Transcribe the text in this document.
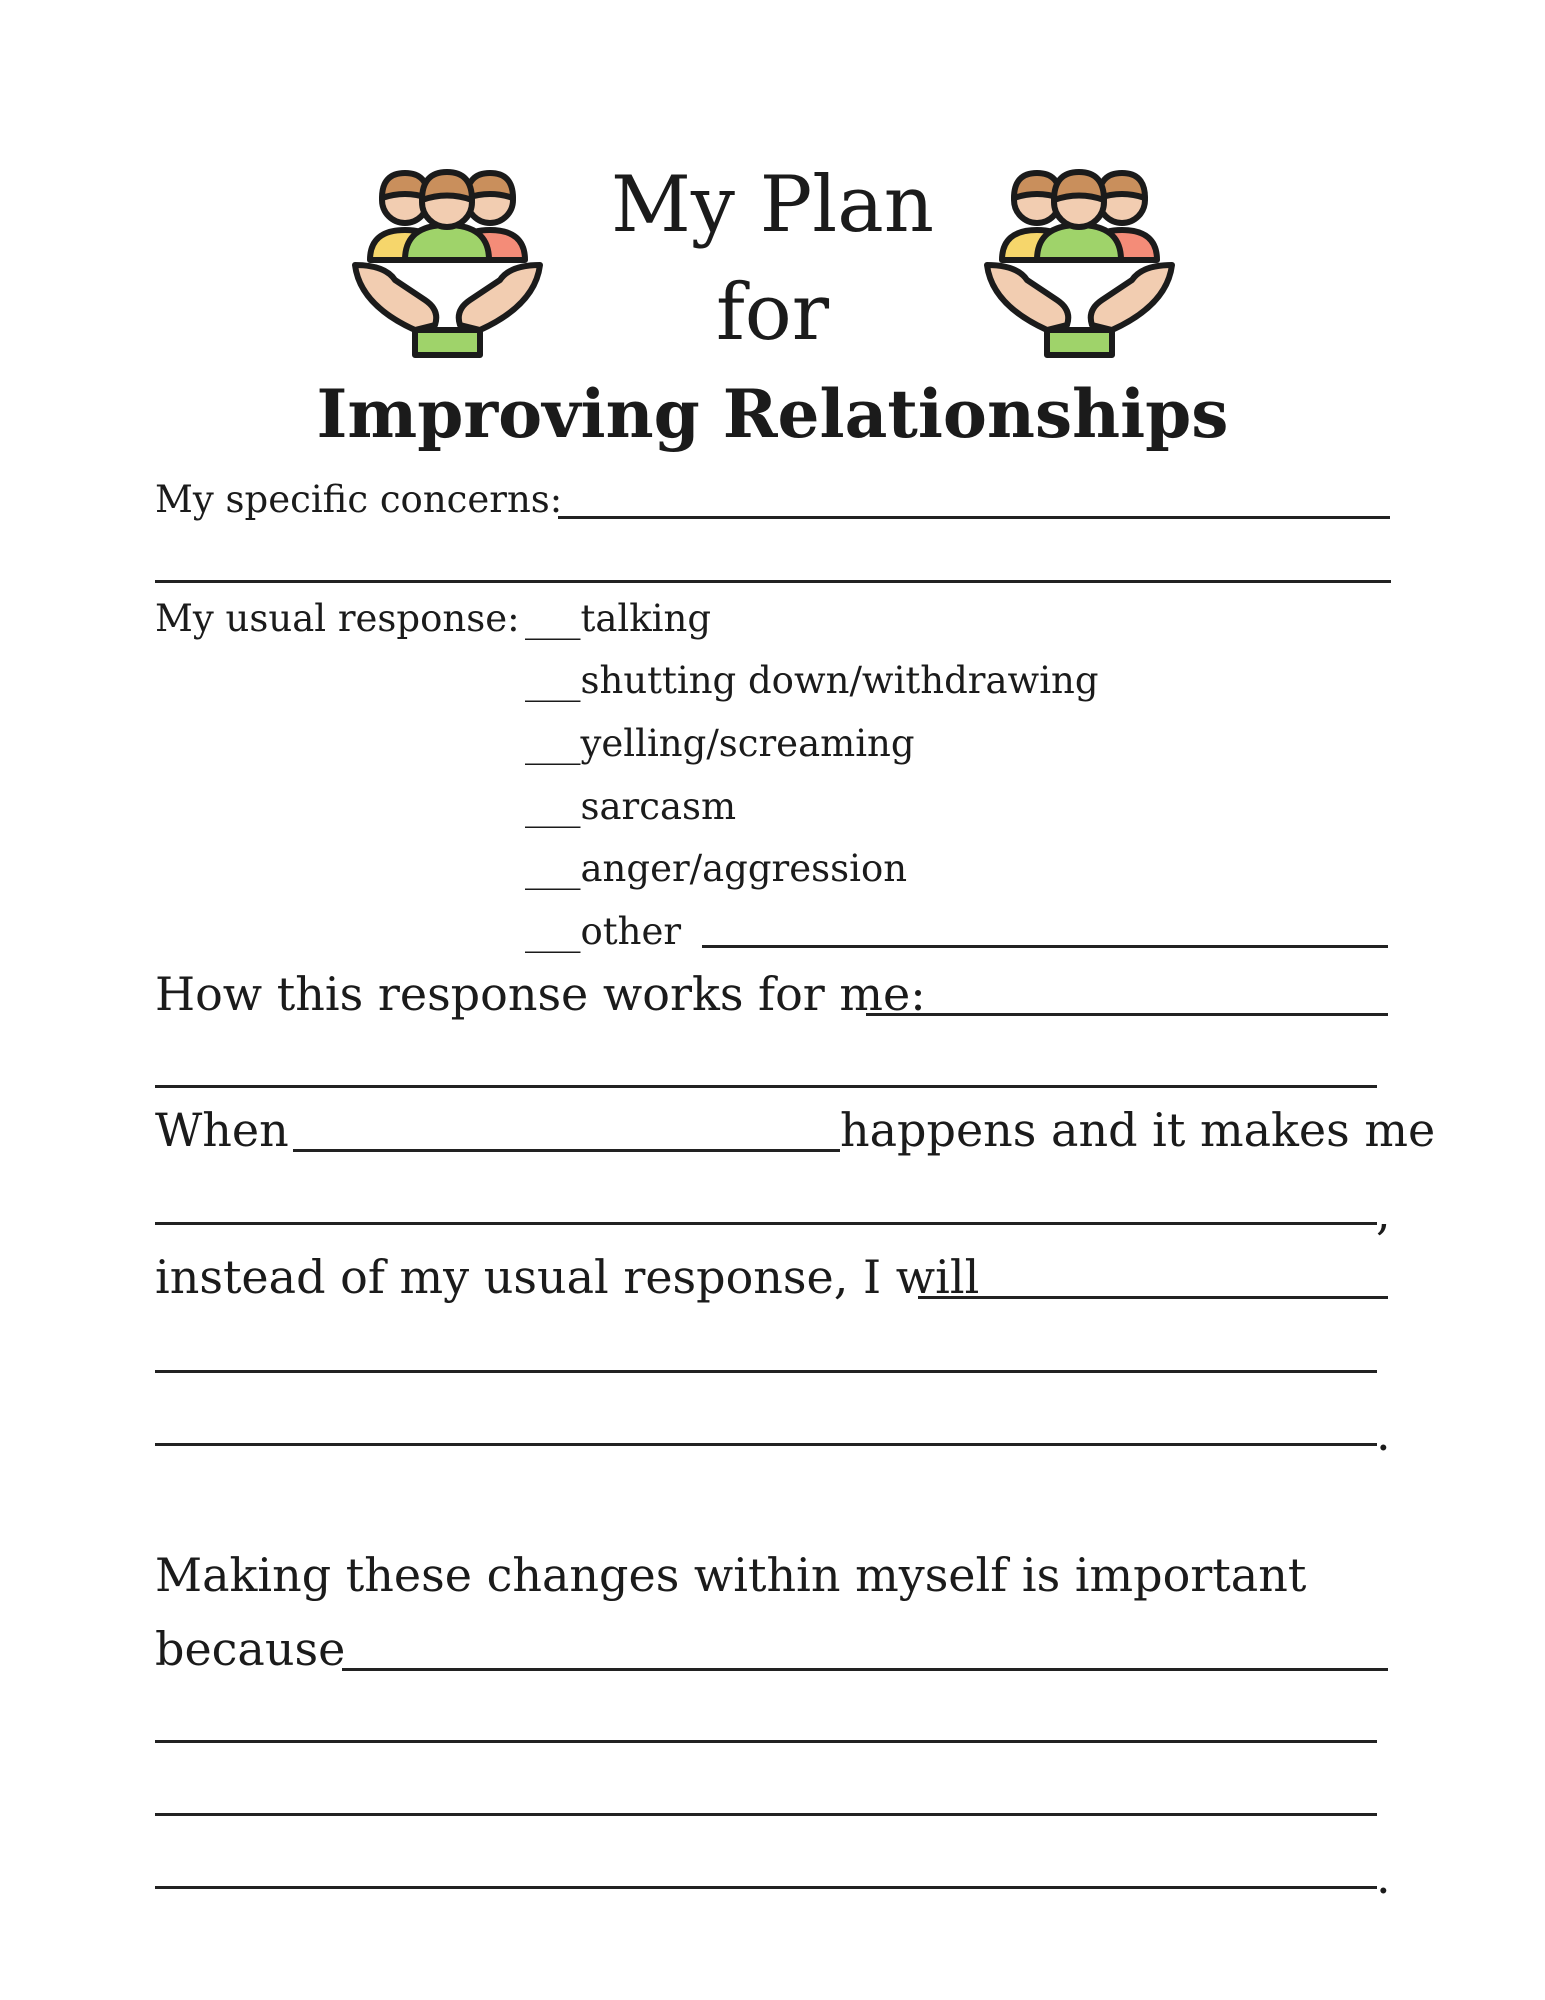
My Plan
for
Improving Relationships
My specific concerns:
My usual response: ___talking
___shutting down/withdrawing
___yelling/screaming
___sarcasm
___anger/aggression
___other
How this response works for me:
When	happens and it makes me
,
instead of my usual response, I will
.
Making these changes within myself is important
because
.
